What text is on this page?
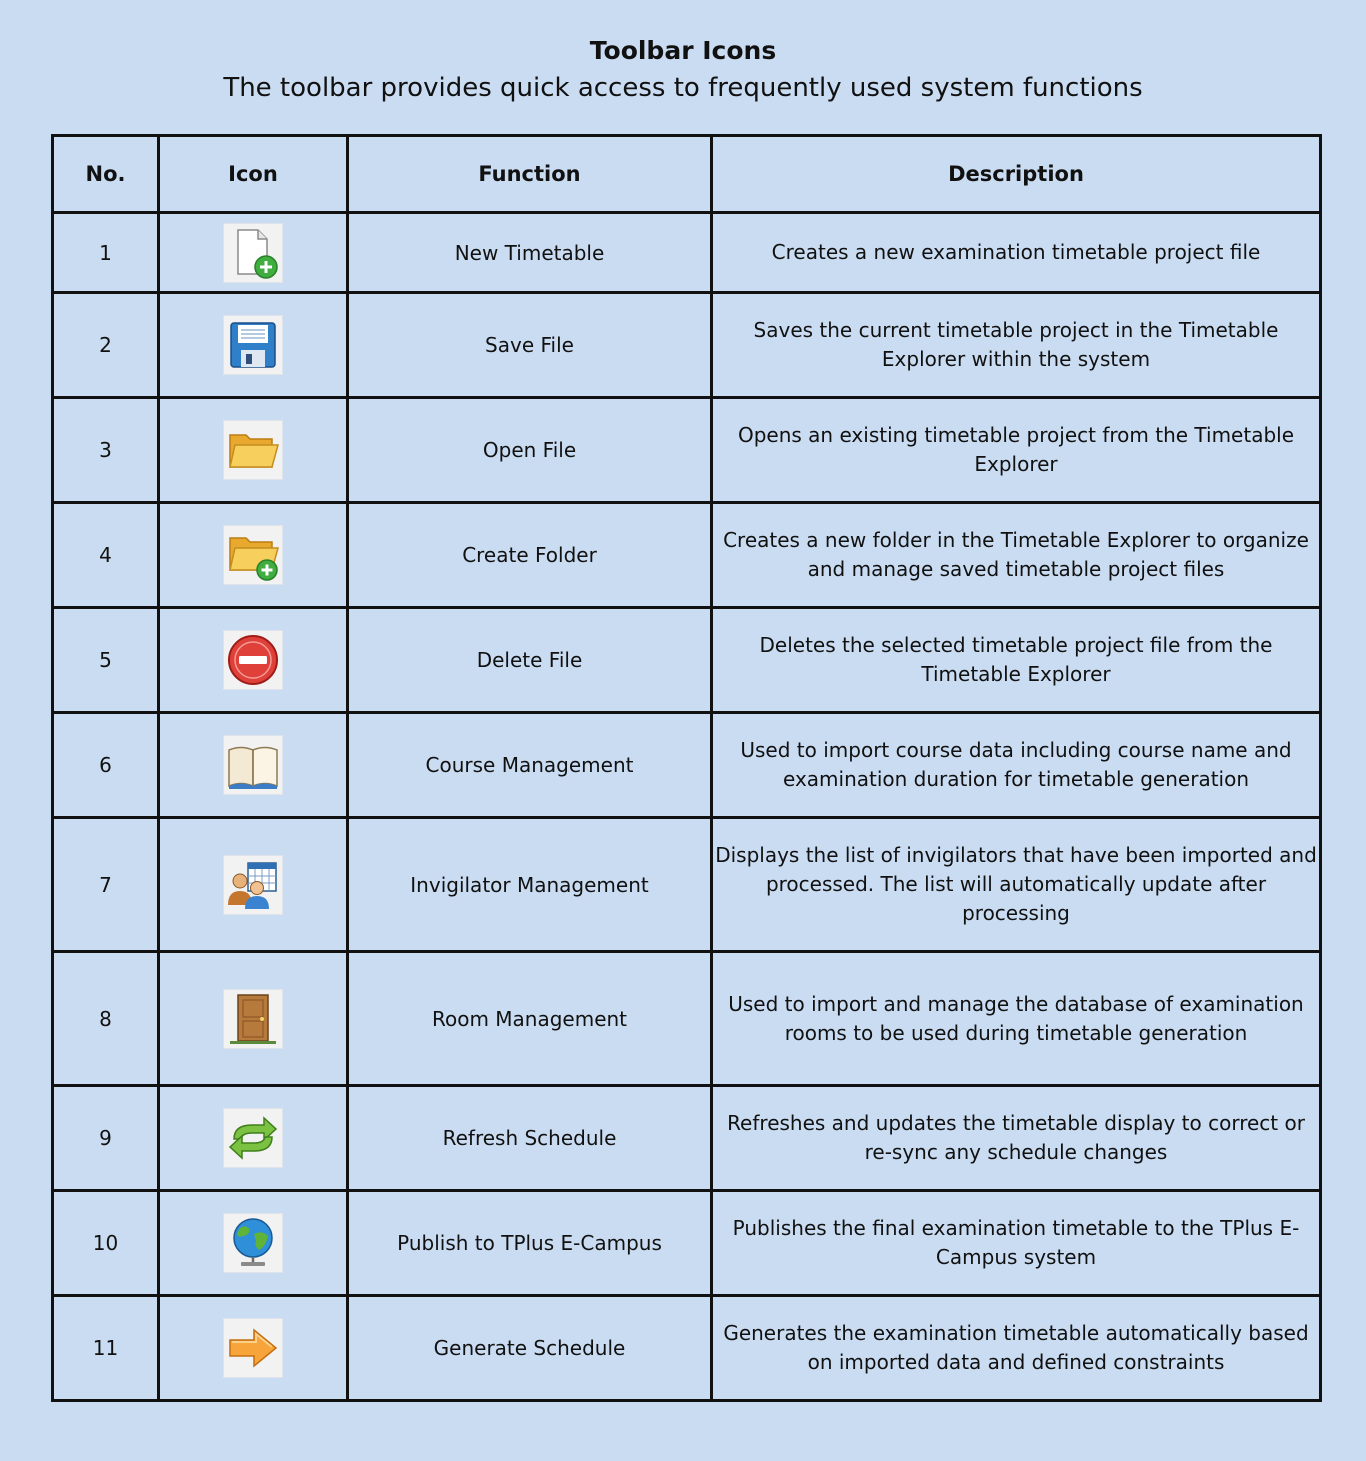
Toolbar Icons
The toolbar provides quick access to frequently used system functions
No.	Icon	Function	Description
1		New Timetable	Creates a new examination timetable project file
2		Save File	Saves the current timetable project in the Timetable Explorer within the system
3		Open File	Opens an existing timetable project from the Timetable Explorer
4		Create Folder	Creates a new folder in the Timetable Explorer to organize and manage saved timetable project files
5		Delete File	Deletes the selected timetable project file from the Timetable Explorer
6		Course Management	Used to import course data including course name and examination duration for timetable generation
7		Invigilator Management	Displays the list of invigilators that have been imported and processed. The list will automatically update after processing
8		Room Management	Used to import and manage the database of examination rooms to be used during timetable generation
9		Refresh Schedule	Refreshes and updates the timetable display to correct or re-sync any schedule changes
10		Publish to TPlus E-Campus	Publishes the final examination timetable to the TPlus E-Campus system
11		Generate Schedule	Generates the examination timetable automatically based on imported data and defined constraints
